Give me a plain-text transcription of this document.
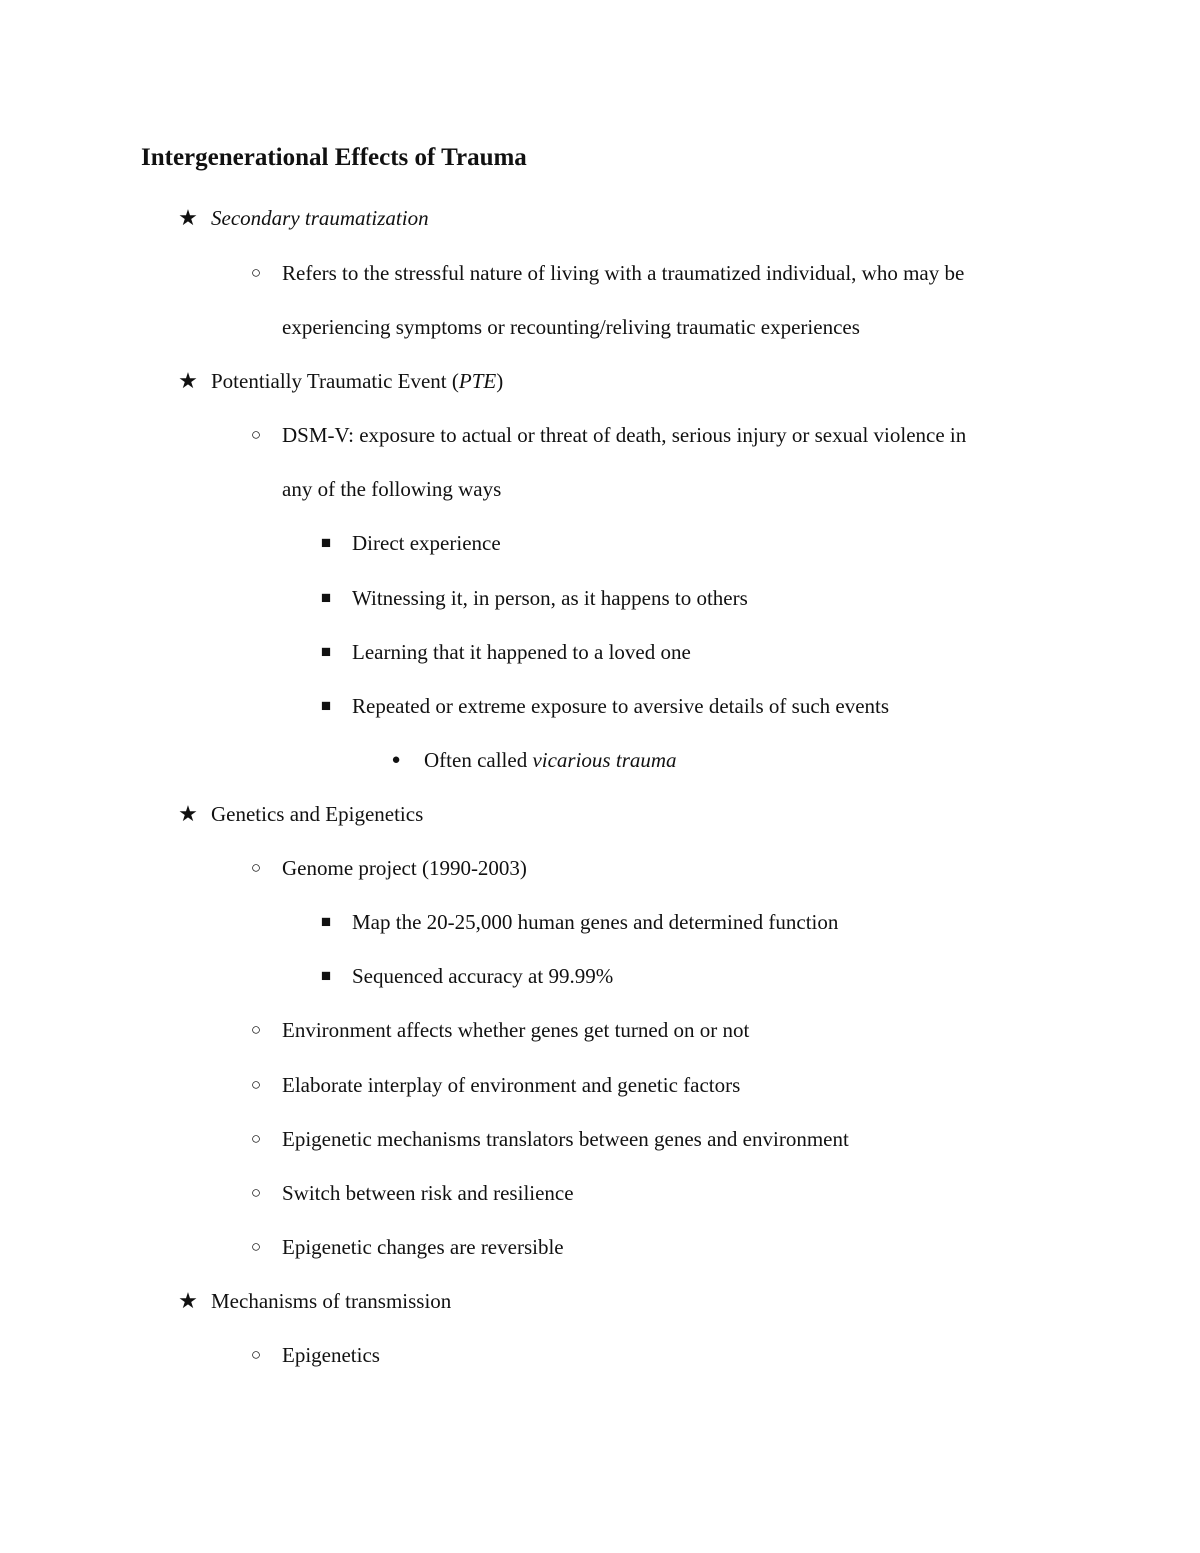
Intergenerational Effects of Trauma
★ Secondary traumatization
○ Refers to the stressful nature of living with a traumatized individual, who may be
experiencing symptoms or recounting/reliving traumatic experiences
★ Potentially Traumatic Event (PTE)
○ DSM-V: exposure to actual or threat of death, serious injury or sexual violence in
any of the following ways
■ Direct experience
■ Witnessing it, in person, as it happens to others
■ Learning that it happened to a loved one
■ Repeated or extreme exposure to aversive details of such events
●	Often called vicarious trauma
★ Genetics and Epigenetics
○ Genome project (1990-2003)
■ Map the 20-25,000 human genes and determined function
■ Sequenced accuracy at 99.99%
○ Environment affects whether genes get turned on or not
○ Elaborate interplay of environment and genetic factors
○ Epigenetic mechanisms translators between genes and environment
○ Switch between risk and resilience
○ Epigenetic changes are reversible
★ Mechanisms of transmission
○ Epigenetics
